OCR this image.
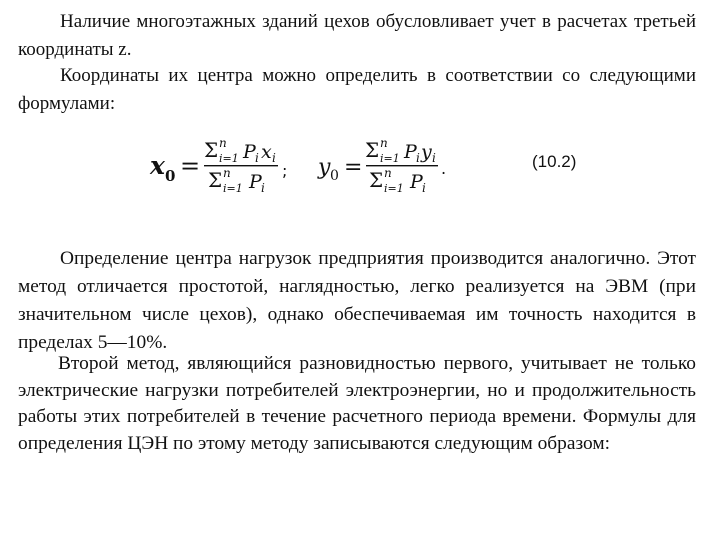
Наличие многоэтажных зданий цехов обусловливает учет в расчетах третьей координаты z.

Координаты их центра можно определить в соответствии со следующими формулами:

x 0 =
Σ n
i=1 P i x i
Σ n
i=1 P i
; y 0 =
Σ n
i=1 P i y i
Σ n
i=1 P i
.	(10.2)

Определение центра нагрузок предприятия производится аналогично. Этот метод отличается простотой, наглядностью, легко реализуется на ЭВМ (при значительном числе цехов), однако обеспечиваемая им точность находится в пределах 5—10%.

Второй метод, являющийся разновидностью первого, учитывает не только электрические нагрузки потребителей электроэнергии, но и продолжительность работы этих потребителей в течение расчетного периода времени. Формулы для определения ЦЭН по этому методу записываются следующим образом:
